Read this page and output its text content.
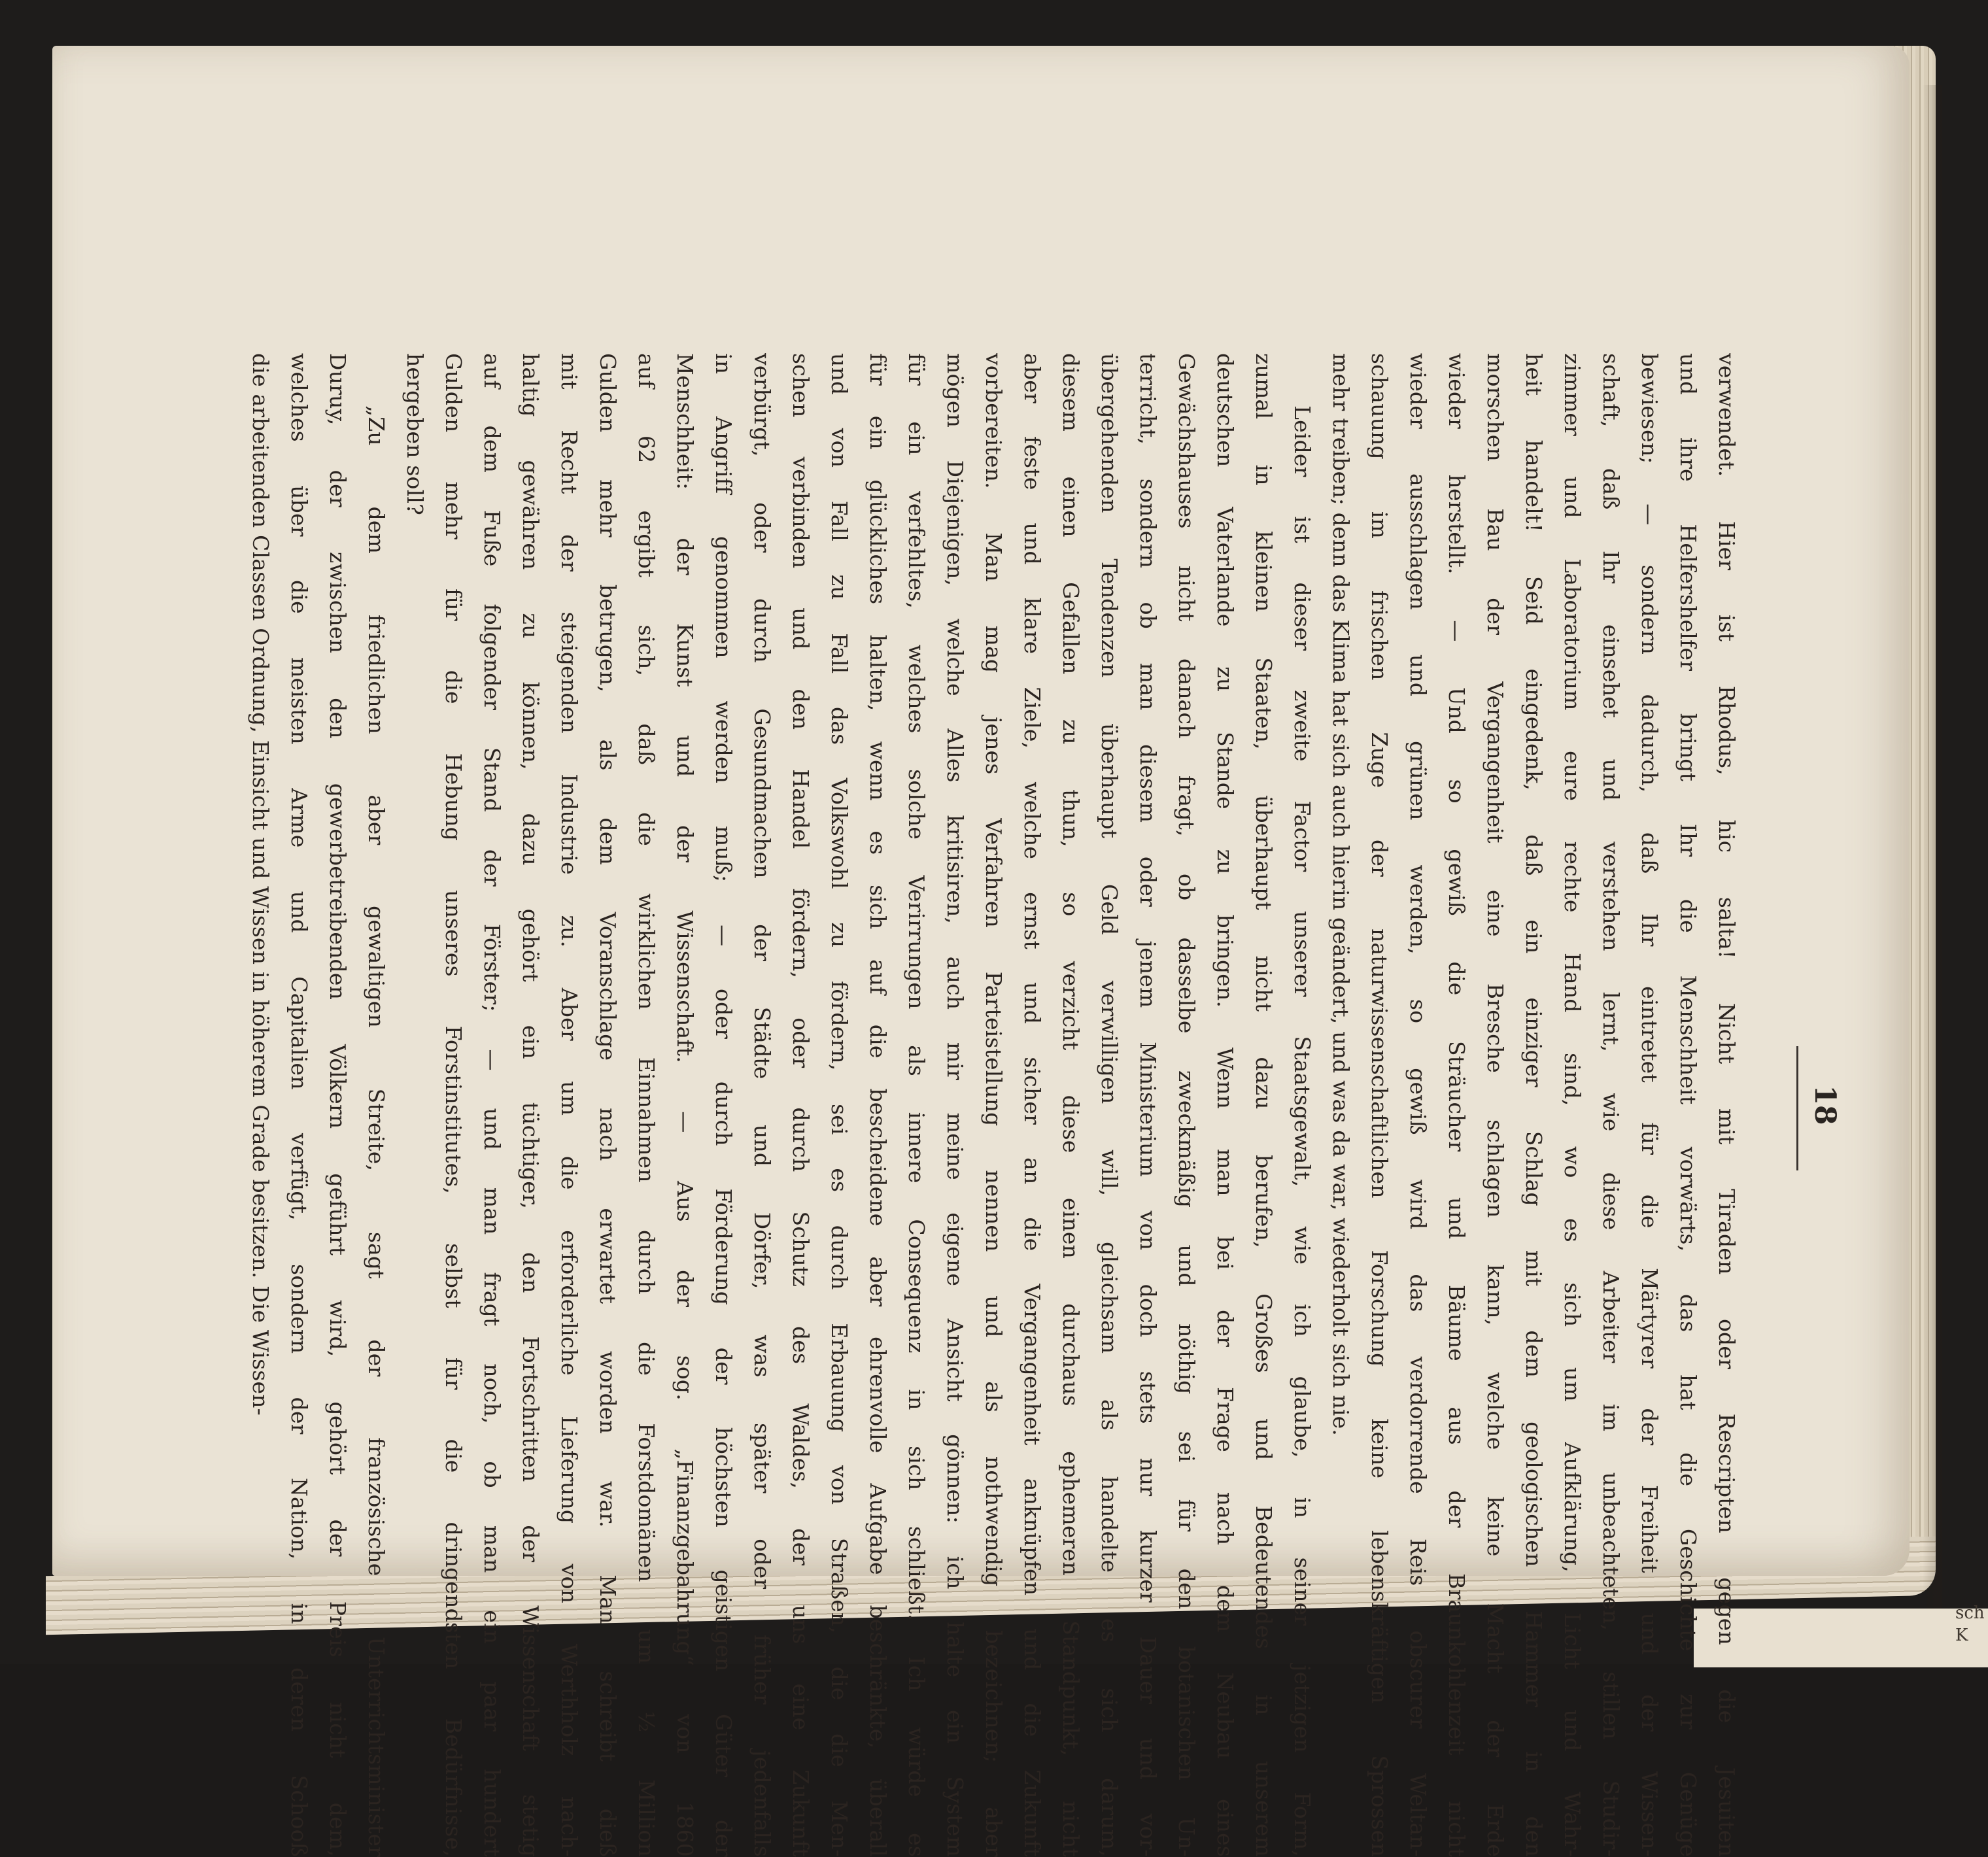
sch
K
18
verwendet. Hier ist Rhodus, hic salta! Nicht mit Tiraden oder Rescripten gegen die Jesuiten
und ihre Helfershelfer bringt Ihr die Menschheit vorwärts, das hat die Geschichte zur Genüge
bewiesen; — sondern dadurch, daß Ihr eintretet für die Märtyrer der Freiheit und der Wissen-
schaft, daß Ihr einsehet und verstehen lernt, wie diese Arbeiter im unbeachteten, stillen Studir-
zimmer und Laboratorium eure rechte Hand sind, wo es sich um Aufklärung, Licht und Wahr-
heit handelt! Seid eingedenk, daß ein einziger Schlag mit dem geologischen Hammer in den
morschen Bau der Vergangenheit eine Bresche schlagen kann, welche keine Macht der Erde
wieder herstellt. — Und so gewiß die Sträucher und Bäume aus der Braunkohlenzeit nicht
wieder ausschlagen und grünen werden, so gewiß wird das verdorrende Reis obscurer Weltan-
schauung im frischen Zuge der naturwissenschaftlichen Forschung keine lebenskräftigen Sprossen
mehr treiben; denn das Klima hat sich auch hierin geändert, und was da war, wiederholt sich nie.
Leider ist dieser zweite Factor unserer Staatsgewalt, wie ich glaube, in seiner jetzigen Form,
zumal in kleinen Staaten, überhaupt nicht dazu berufen, Großes und Bedeutendes in unserem
deutschen Vaterlande zu Stande zu bringen. Wenn man bei der Frage nach dem Neubau eines
Gewächshauses nicht danach fragt, ob dasselbe zweckmäßig und nöthig sei für den botanischen Un-
terricht, sondern ob man diesem oder jenem Ministerium von doch stets nur kurzer Dauer und vor-
übergehenden Tendenzen überhaupt Geld verwilligen will, gleichsam als handelte es sich darum,
diesem einen Gefallen zu thun, so verzicht diese einen durchaus ephemeren Standpunkt, nicht
aber feste und klare Ziele, welche ernst und sicher an die Vergangenheit anknüpfen und die Zukunft
vorbereiten. Man mag jenes Verfahren Parteistellung nennen und als nothwendig bezeichnen; aber
mögen Diejenigen, welche Alles kritisiren, auch mir meine eigene Ansicht gönnen: ich halte ein System
für ein verfehltes, welches solche Verirrungen als innere Consequenz in sich schließt. Ich würde es
für ein glückliches halten, wenn es sich auf die bescheidene aber ehrenvolle Aufgabe beschränkte, überall
und von Fall zu Fall das Volkswohl zu fördern, sei es durch Erbauung von Straßen, die die Men-
schen verbinden und den Handel fördern, oder durch Schutz des Waldes, der uns eine Zukunft
verbürgt, oder durch Gesundmachen der Städte und Dörfer, was später oder früher jedenfalls
in Angriff genommen werden muß; — oder durch Förderung der höchsten geistigen Güter der
Menschheit: der Kunst und der Wissenschaft. — Aus der sog. „Finanzgebahrung“ von 1860
auf 62 ergibt sich, daß die wirklichen Einnahmen durch die Forstdomänen um ½ Million
Gulden mehr betrugen, als dem Voranschlage nach erwartet worden war. Man schreibt dieß
mit Recht der steigenden Industrie zu. Aber um die erforderliche Lieferung von Werthholz nach-
haltig gewähren zu können, dazu gehört ein tüchtiger, den Fortschritten der Wissenschaft stetig
auf dem Fuße folgender Stand der Förster; — und man fragt noch, ob man ein paar hundert
Gulden mehr für die Hebung unseres Forstinstitutes, selbst für die dringendsten Bedürfnisse,
hergeben soll?
„Zu dem friedlichen aber gewaltigen Streite, sagt der französische Unterrichtsminister
Duruy, der zwischen den gewerbetreibenden Völkern geführt wird, gehört der Preis nicht dem,
welches über die meisten Arme und Capitalien verfügt, sondern der Nation, in deren Schooß
die arbeitenden Classen Ordnung, Einsicht und Wissen in höherem Grade besitzen. Die Wissen-
